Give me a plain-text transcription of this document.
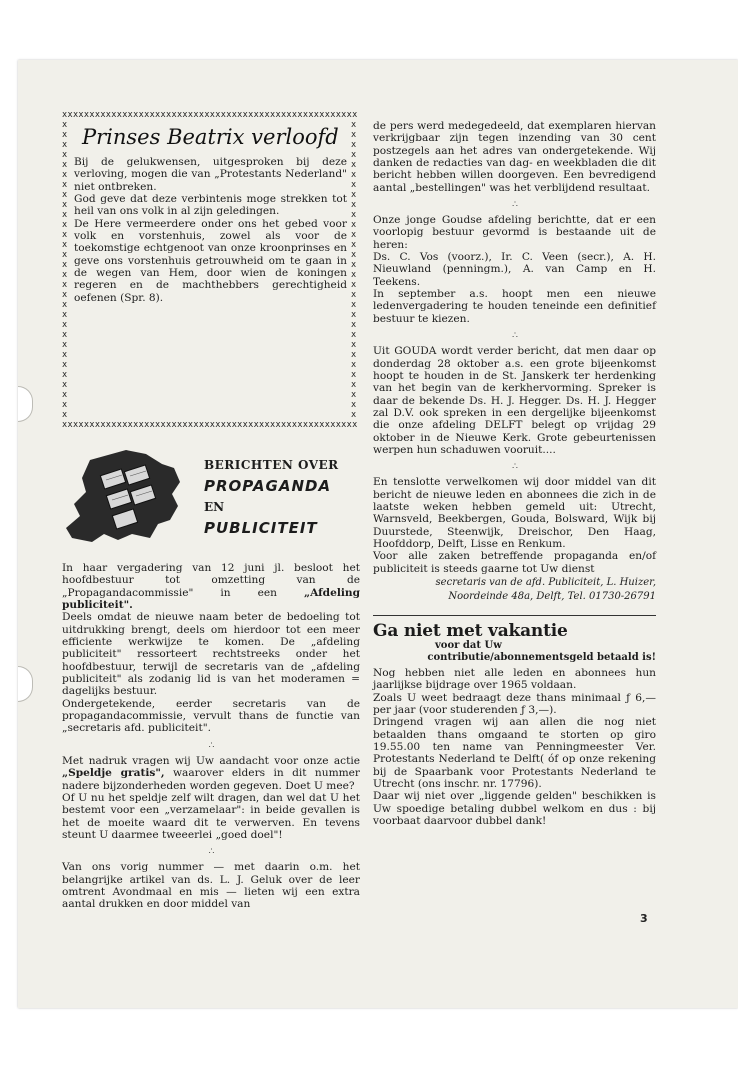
xxxxxxxxxxxxxxxxxxxxxxxxxxxxxxxxxxxxxxxxxxxxxxxxxxxxxx
x
x
x
x
x
x
x
x
x
x
x
x
x
x
x
x
x
x
x
x
x
x
x
x
x
x
x
x
x
x
Prinses Beatrix verloofd

Bij de gelukwensen, uitgesproken bij deze verloving, mogen die van „Protestants Nederland" niet ontbreken.

God geve dat deze verbintenis moge strekken tot heil van ons volk in al zijn geledingen.

De Here vermeerdere onder ons het gebed voor volk en vorstenhuis, zowel als voor de toekomstige echtgenoot van onze kroonprinses en geve ons vorstenhuis getrouwheid om te gaan in de wegen van Hem, door wien de koningen regeren en de machthebbers gerechtigheid oefenen (Spr. 8).

x
x
x
x
x
x
x
x
x
x
x
x
x
x
x
x
x
x
x
x
x
x
x
x
x
x
x
x
x
x
xxxxxxxxxxxxxxxxxxxxxxxxxxxxxxxxxxxxxxxxxxxxxxxxxxxxxx
BERICHTEN OVER
PROPAGANDA
EN
PUBLICITEIT

In haar vergadering van 12 juni jl. besloot het hoofdbestuur tot omzetting van de „Propagandacommissie" in een „Afdeling publiciteit".

Deels omdat de nieuwe naam beter de bedoeling tot uitdrukking brengt, deels om hierdoor tot een meer efficiente werkwijze te komen. De „afdeling publiciteit" ressorteert rechtstreeks onder het hoofdbestuur, terwijl de secretaris van de „afdeling publiciteit" als zodanig lid is van het moderamen = dagelijks bestuur.

Ondergetekende, eerder secretaris van de propagandacommissie, vervult thans de functie van „secretaris afd. publiciteit".

∴

Met nadruk vragen wij Uw aandacht voor onze actie „Speldje gratis", waarover elders in dit nummer nadere bijzonderheden worden gegeven. Doet U mee?

Of U nu het speldje zelf wilt dragen, dan wel dat U het bestemt voor een „verzamelaar": in beide gevallen is het de moeite waard dit te verwerven. En tevens steunt U daarmee tweeerlei „goed doel"!

∴

Van ons vorig nummer — met daarin o.m. het belangrijke artikel van ds. L. J. Geluk over de leer omtrent Avondmaal en mis — lieten wij een extra aantal drukken en door middel van

de pers werd medegedeeld, dat exemplaren hiervan verkrijgbaar zijn tegen inzending van 30 cent postzegels aan het adres van ondergetekende. Wij danken de redacties van dag- en weekbladen die dit bericht hebben willen doorgeven. Een bevredigend aantal „bestellingen" was het verblijdend resultaat.

∴

Onze jonge Goudse afdeling berichtte, dat er een voorlopig bestuur gevormd is bestaande uit de heren:

Ds. C. Vos (voorz.), Ir. C. Veen (secr.), A. H. Nieuwland (penningm.), A. van Camp en H. Teekens.

In september a.s. hoopt men een nieuwe ledenvergadering te houden teneinde een definitief bestuur te kiezen.

∴

Uit GOUDA wordt verder bericht, dat men daar op donderdag 28 oktober a.s. een grote bijeenkomst hoopt te houden in de St. Janskerk ter herdenking van het begin van de kerkhervorming. Spreker is daar de bekende Ds. H. J. Hegger. Ds. H. J. Hegger zal D.V. ook spreken in een dergelijke bijeenkomst die onze afdeling DELFT belegt op vrijdag 29 oktober in de Nieuwe Kerk. Grote gebeurtenissen werpen hun schaduwen vooruit....

∴

En tenslotte verwelkomen wij door middel van dit bericht de nieuwe leden en abonnees die zich in de laatste weken hebben gemeld uit: Utrecht, Warnsveld, Beekbergen, Gouda, Bolsward, Wijk bij Duurstede, Steenwijk, Dreischor, Den Haag, Hoofddorp, Delft, Lisse en Renkum.

Voor alle zaken betreffende propaganda en/of publiciteit is steeds gaarne tot Uw dienst

secretaris van de afd. Publiciteit, L. Huizer,
Noordeinde 48a, Delft, Tel. 01730-26791
Ga niet met vakantie
voor dat Uw
contributie/abonnementsgeld betaald is!

Nog hebben niet alle leden en abonnees hun jaarlijkse bijdrage over 1965 voldaan.

Zoals U weet bedraagt deze thans minimaal ƒ 6,— per jaar (voor studerenden ƒ 3,—).

Dringend vragen wij aan allen die nog niet betaalden thans omgaand te storten op giro 19.55.00 ten name van Penningmeester Ver. Protestants Nederland te Delft( óf op onze rekening bij de Spaarbank voor Protestants Nederland te Utrecht (ons inschr. nr. 17796).

Daar wij niet over „liggende gelden" beschikken is Uw spoedige betaling dubbel welkom en dus : bij voorbaat daarvoor dubbel dank!

3
